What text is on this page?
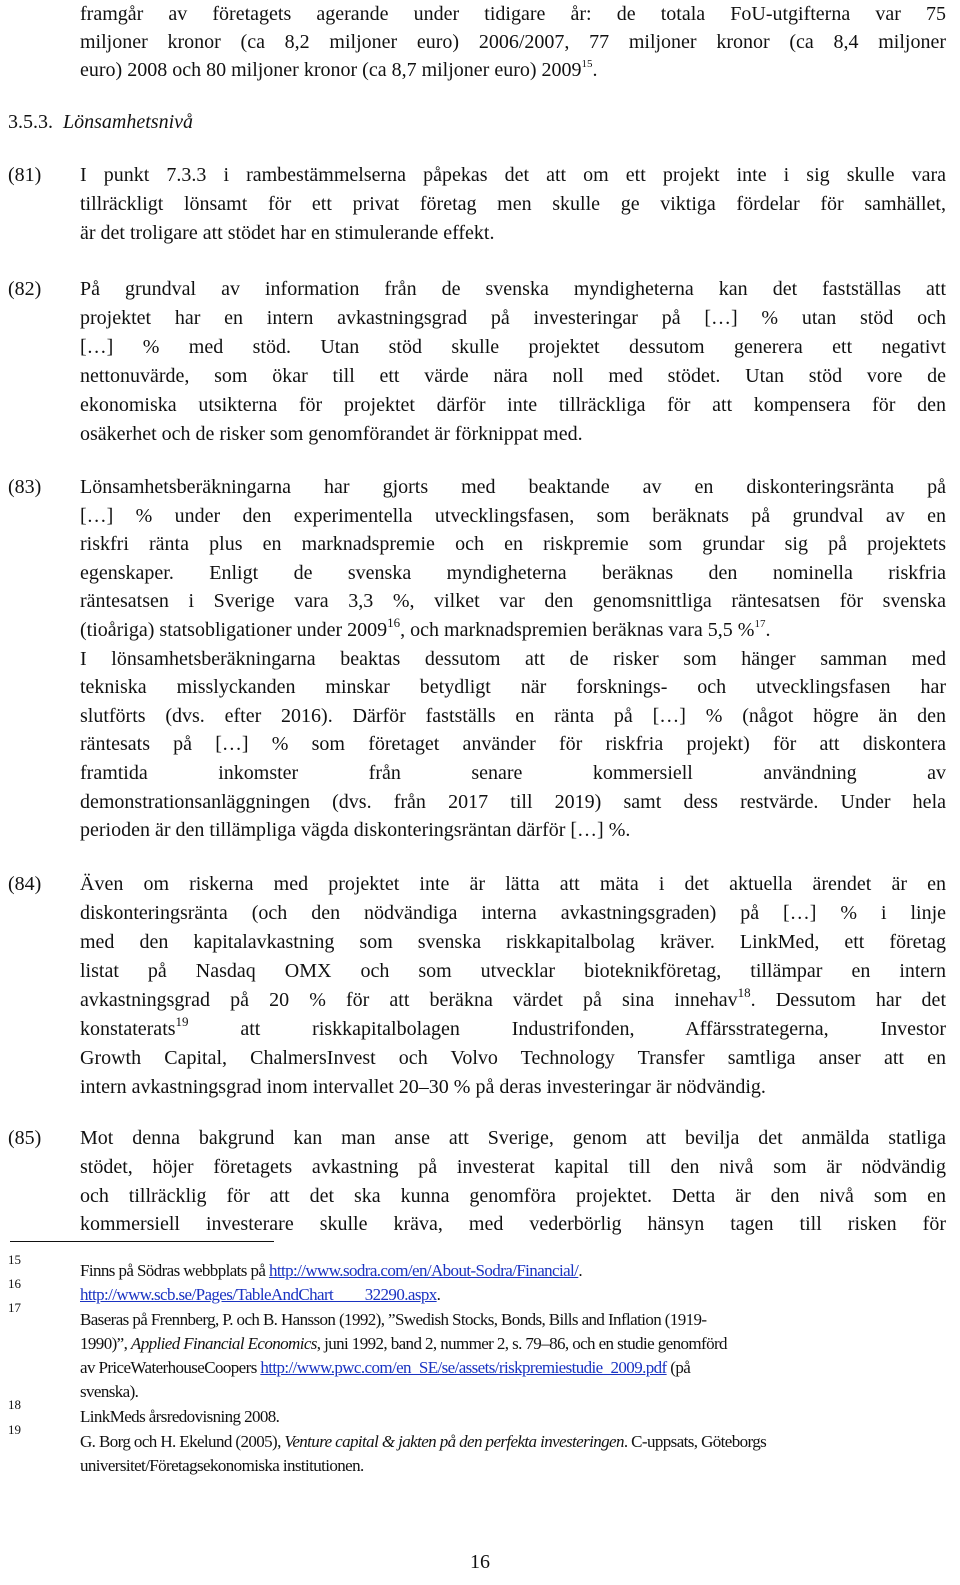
framgår av företagets agerande under tidigare år: de totala FoU-utgifterna var 75
miljoner kronor (ca 8,2 miljoner euro) 2006/2007, 77 miljoner kronor (ca 8,4 miljoner
euro) 2008 och 80 miljoner kronor (ca 8,7 miljoner euro) 2009$^{15}$.
3.5.3. Lönsamhetsnivå
(81) I punkt 7.3.3 i rambestämmelserna påpekas det att om ett projekt inte i sig skulle vara
tillräckligt lönsamt för ett privat företag men skulle ge viktiga fördelar för samhället,
är det troligare att stödet har en stimulerande effekt.
(82) På grundval av information från de svenska myndigheterna kan det fastställas att
projektet har en intern avkastningsgrad på investeringar på […] % utan stöd och
[…] % med stöd. Utan stöd skulle projektet dessutom generera ett negativt
nettonuvärde, som ökar till ett värde nära noll med stödet. Utan stöd vore de
ekonomiska utsikterna för projektet därför inte tillräckliga för att kompensera för den
osäkerhet och de risker som genomförandet är förknippat med.
(83) Lönsamhetsberäkningarna har gjorts med beaktande av en diskonteringsränta på
[…] % under den experimentella utvecklingsfasen, som beräknats på grundval av en
riskfri ränta plus en marknadspremie och en riskpremie som grundar sig på projektets
egenskaper. Enligt de svenska myndigheterna beräknas den nominella riskfria
räntesatsen i Sverige vara 3,3 %, vilket var den genomsnittliga räntesatsen för svenska
(tioåriga) statsobligationer under 2009$^{16}$, och marknadspremien beräknas vara 5,5 %$^{17}$.
I lönsamhetsberäkningarna beaktas dessutom att de risker som hänger samman med
tekniska misslyckanden minskar betydligt när forsknings- och utvecklingsfasen har
slutförts (dvs. efter 2016). Därför fastställs en ränta på […] % (något högre än den
räntesats på […] % som företaget använder för riskfria projekt) för att diskontera
framtida inkomster från senare kommersiell användning av
demonstrationsanläggningen (dvs. från 2017 till 2019) samt dess restvärde. Under hela
perioden är den tillämpliga vägda diskonteringsräntan därför […] %.
(84) Även om riskerna med projektet inte är lätta att mäta i det aktuella ärendet är en
diskonteringsränta (och den nödvändiga interna avkastningsgraden) på […] % i linje
med den kapitalavkastning som svenska riskkapitalbolag kräver. LinkMed, ett företag
listat på Nasdaq OMX och som utvecklar bioteknikföretag, tillämpar en intern
avkastningsgrad på 20 % för att beräkna värdet på sina innehav$^{18}$. Dessutom har det
konstaterats$^{19}$ att riskkapitalbolagen Industrifonden, Affärsstrategerna, Investor
Growth Capital, ChalmersInvest och Volvo Technology Transfer samtliga anser att en
intern avkastningsgrad inom intervallet 20–30 % på deras investeringar är nödvändig.
(85) Mot denna bakgrund kan man anse att Sverige, genom att bevilja det anmälda statliga
stödet, höjer företagets avkastning på investerat kapital till den nivå som är nödvändig
och tillräcklig för att det ska kunna genomföra projektet. Detta är den nivå som en
kommersiell investerare skulle kräva, med vederbörlig hänsyn tagen till risken för
15
Finns på Södras webbplats på http://www.sodra.com/en/About-Sodra/Financial/.
16
http://www.scb.se/Pages/TableAndChart____32290.aspx.
17
Baseras på Frennberg, P. och B. Hansson (1992), ”Swedish Stocks, Bonds, Bills and Inflation (1919-
1990)”, Applied Financial Economics, juni 1992, band 2, nummer 2, s. 79–86, och en studie genomförd
av PriceWaterhouseCoopers http://www.pwc.com/en_SE/se/assets/riskpremiestudie_2009.pdf (på
svenska).
18
LinkMeds årsredovisning 2008.
19
G. Borg och H. Ekelund (2005), Venture capital & jakten på den perfekta investeringen. C-uppsats, Göteborgs
universitet/Företagsekonomiska institutionen.
16
